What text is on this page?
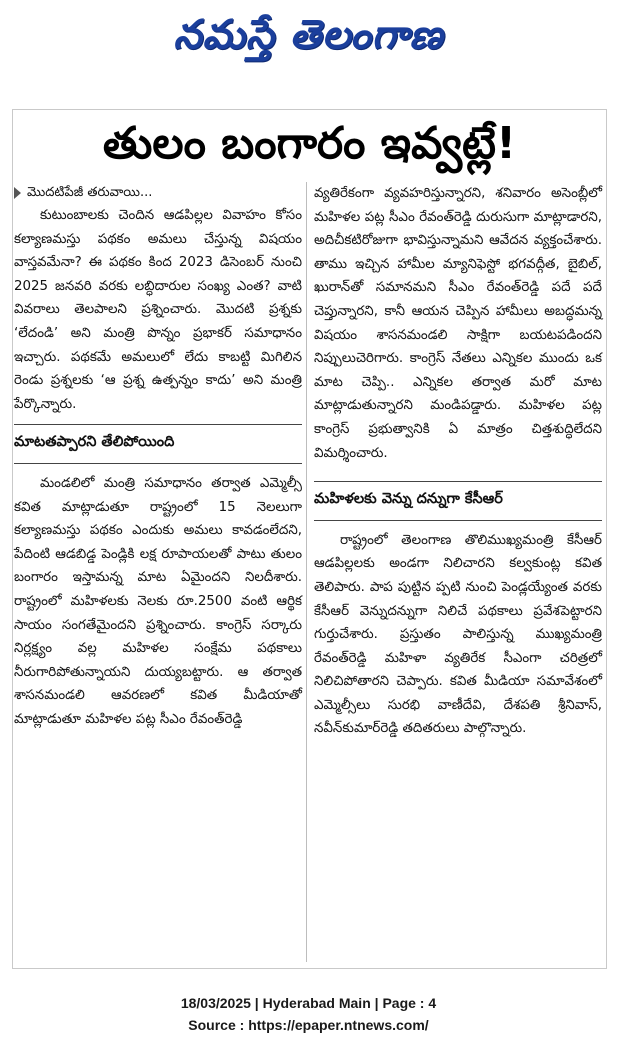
నమస్తే తెలంగాణ
తులం బంగారం ఇవ్వట్లే!
మొదటిపేజీ తరువాయి...

కుటుంబాలకు చెందిన ఆడపిల్లల వివాహం కోసం కల్యాణమస్తు పథకం అమలు చేస్తున్న విషయం వాస్తవమేనా? ఈ పథకం కింద 2023 డిసెంబర్ నుంచి 2025 జనవరి వరకు లబ్ధిదారుల సంఖ్య ఎంత? వాటి వివరాలు తెలపాలని ప్రశ్నించారు. మొదటి ప్రశ్నకు ‘లేదండి’ అని మంత్రి పొన్నం ప్రభాకర్ సమాధానం ఇచ్చారు. పథకమే అమలులో లేదు కాబట్టి మిగిలిన రెండు ప్రశ్నలకు ‘ఆ ప్రశ్న ఉత్పన్నం కాదు’ అని మంత్రి పేర్కొన్నారు.

మాటతప్పారని తేలిపోయింది

మండలిలో మంత్రి సమాధానం తర్వాత ఎమ్మెల్సీ కవిత మాట్లాడుతూ రాష్ట్రంలో 15 నెలలుగా కల్యాణమస్తు పథకం ఎందుకు అమలు కావడంలేదని, పేదింటి ఆడబిడ్డ పెండ్లికి లక్ష రూపాయలతో పాటు తులం బంగారం ఇస్తామన్న మాట ఏమైందని నిలదీశారు. రాష్ట్రంలో మహిళలకు నెలకు రూ.2500 వంటి ఆర్థిక సాయం సంగతేమైందని ప్రశ్నించారు. కాంగ్రెస్ సర్కారు నిర్లక్ష్యం వల్ల మహిళల సంక్షేమ పథకాలు నీరుగారిపోతున్నాయని దుయ్యబట్టారు. ఆ తర్వాత శాసనమండలి ఆవరణలో కవిత మీడియాతో మాట్లాడుతూ మహిళల పట్ల సీఎం రేవంత్‌రెడ్డి

వ్యతిరేకంగా వ్యవహరిస్తున్నారని, శనివారం అసెంబ్లీలో మహిళల పట్ల సీఎం రేవంత్‌రెడ్డి దురుసుగా మాట్లాడారని, అదిచీకటిరోజుగా భావిస్తున్నామని ఆవేదన వ్యక్తంచేశారు. తాము ఇచ్చిన హామీల మ్యానిఫెస్టో భగవద్గీత, బైబిల్, ఖురాన్‌తో సమానమని సీఎం రేవంత్‌రెడ్డి పదే పదే చెప్తున్నారని, కానీ ఆయన చెప్పిన హామీలు అబద్ధమన్న విషయం శాసనమండలి సాక్షిగా బయటపడిందని నిప్పులుచెరిగారు. కాంగ్రెస్ నేతలు ఎన్నికల ముందు ఒక మాట చెప్పి.. ఎన్నికల తర్వాత మరో మాట మాట్లాడుతున్నారని మండిపడ్డారు. మహిళల పట్ల కాంగ్రెస్ ప్రభుత్వానికి ఏ మాత్రం చిత్తశుద్ధిలేదని విమర్శించారు.

మహిళలకు వెన్ను దన్నుగా కేసీఆర్

రాష్ట్రంలో తెలంగాణ తొలిముఖ్యమంత్రి కేసీఆర్ ఆడపిల్లలకు అండగా నిలిచారని కల్వకుంట్ల కవిత తెలిపారు. పాప పుట్టిన ప్పటి నుంచి పెండ్లయ్యేంత వరకు కేసీఆర్ వెన్నుదన్నుగా నిలిచే పథకాలు ప్రవేశపెట్టారని గుర్తుచేశారు. ప్రస్తుతం పాలిస్తున్న ముఖ్యమంత్రి రేవంత్‌రెడ్డి మహిళా వ్యతిరేక సీఎంగా చరిత్రలో నిలిచిపోతారని చెప్పారు. కవిత మీడియా సమావేశంలో ఎమ్మెల్సీలు సురభి వాణీదేవి, దేశపతి శ్రీనివాస్, నవీన్‌కుమార్‌రెడ్డి తదితరులు పాల్గొన్నారు.

18/03/2025 | Hyderabad Main | Page : 4
Source : https://epaper.ntnews.com/
